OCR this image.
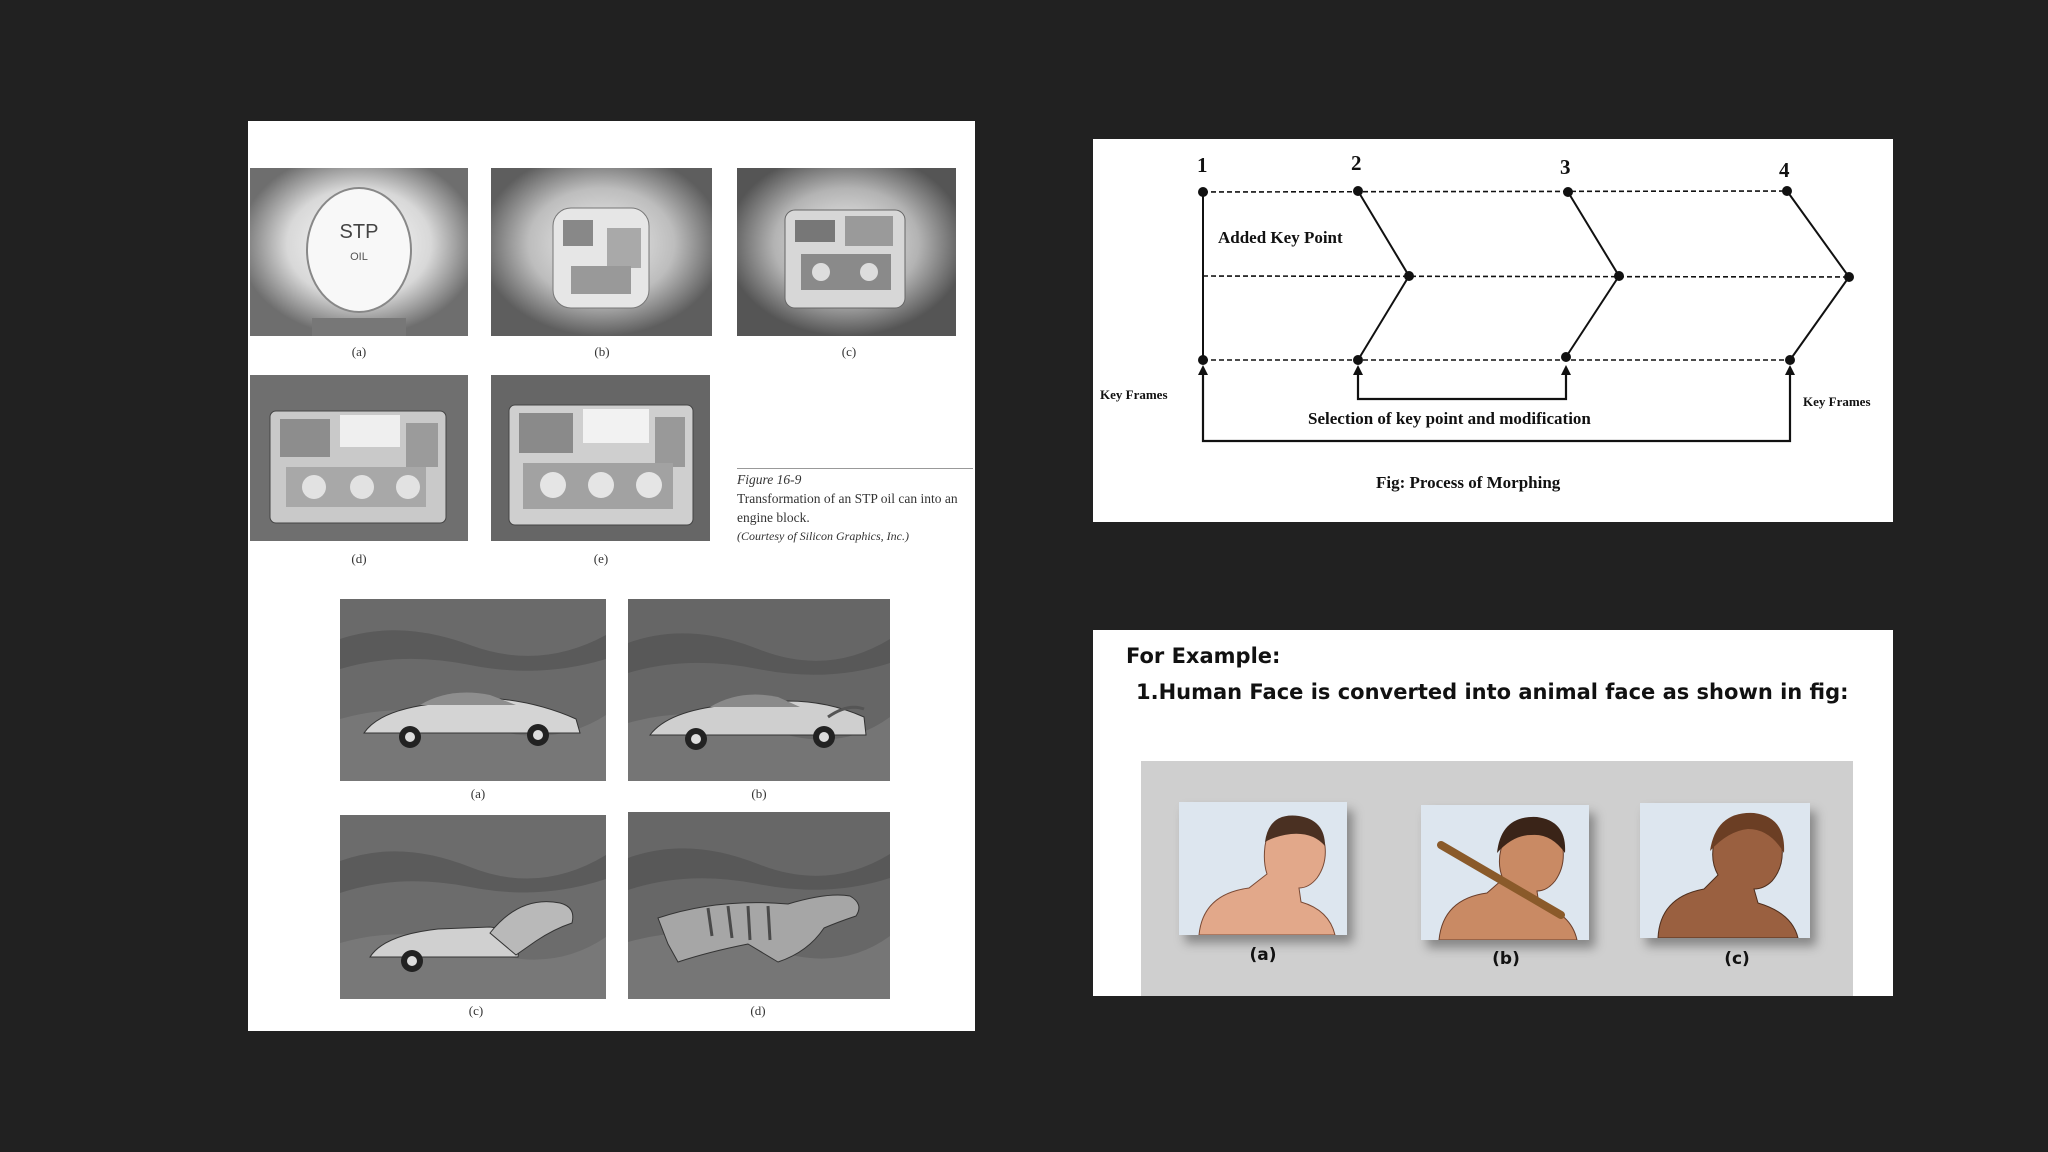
STP
OIL
(a)	(b)	(c)
(d)	(e)
Figure 16-9
Transformation of an STP oil can into an engine block.
(Courtesy of Silicon Graphics, Inc.)
(a)	(b)
(c)	(d)
1	2	3	4
Added Key Point
Key Frames	Key Frames
Selection of key point and modification
Fig: Process of Morphing
For Example:
1.Human Face is converted into animal face as shown in fig:
(a)	(b)	(c)
